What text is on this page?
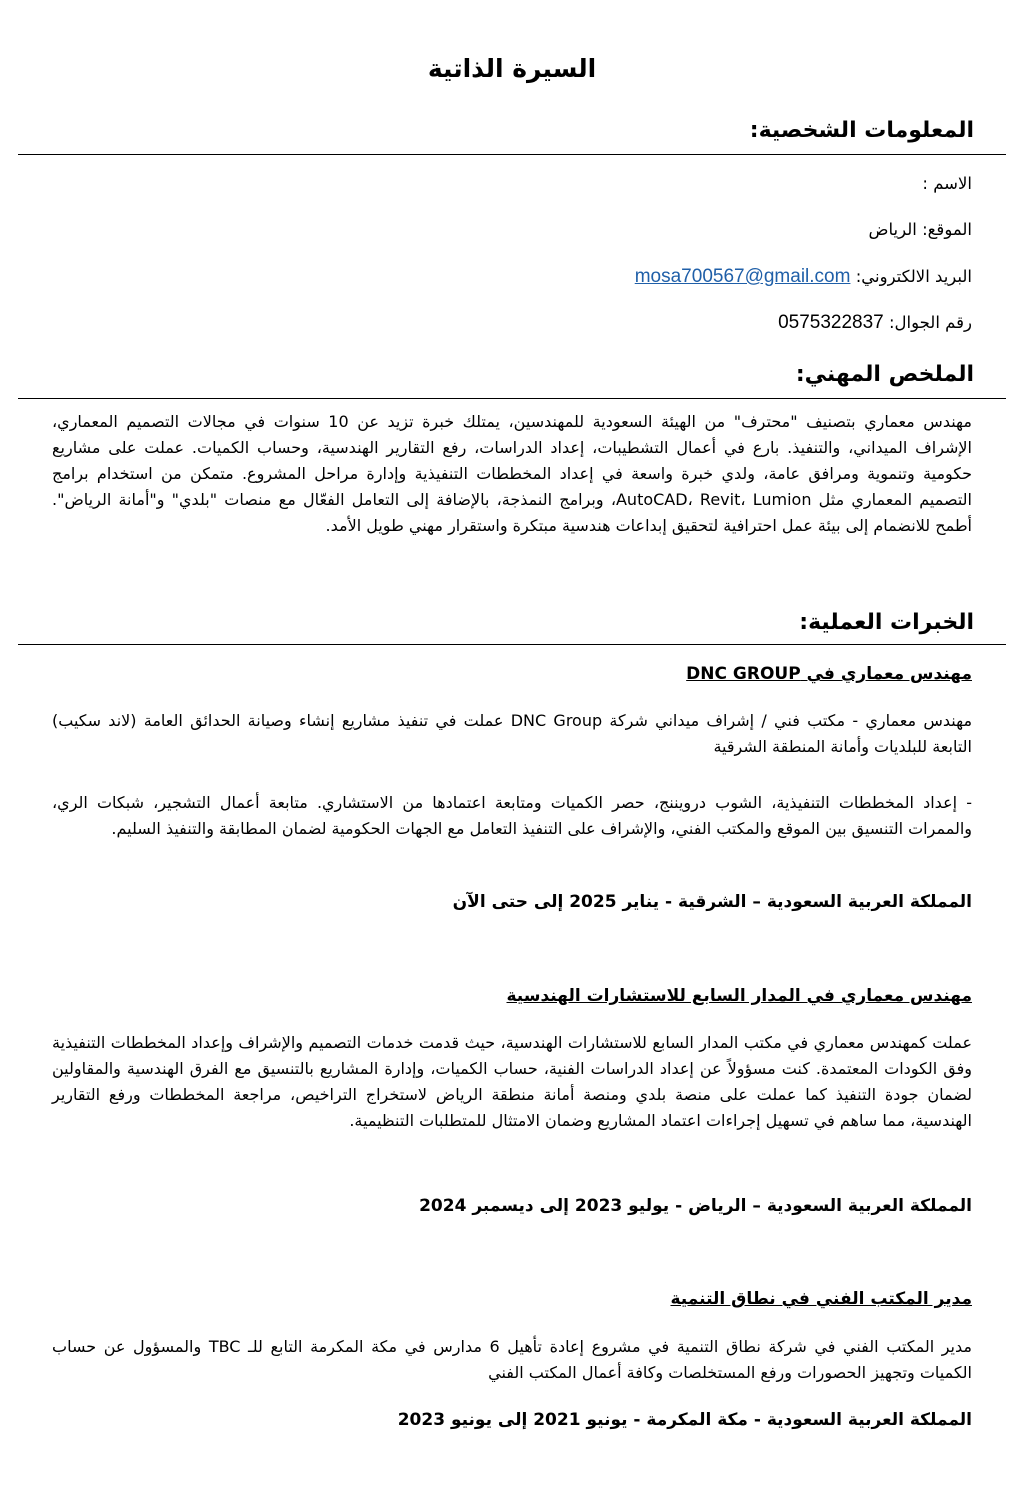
السيرة الذاتية
المعلومات الشخصية:

الاسم :

الموقع: الرياض

البريد الالكتروني: mosa700567@gmail.com

رقم الجوال: 0575322837

الملخص المهني:

مهندس معماري بتصنيف "محترف" من الهيئة السعودية للمهندسين، يمتلك خبرة تزيد عن 10 سنوات في مجالات التصميم المعماري، الإشراف الميداني، والتنفيذ. بارع في أعمال التشطيبات، إعداد الدراسات، رفع التقارير الهندسية، وحساب الكميات. عملت على مشاريع حكومية وتنموية ومرافق عامة، ولدي خبرة واسعة في إعداد المخططات التنفيذية وإدارة مراحل المشروع. متمكن من استخدام برامج التصميم المعماري مثل AutoCAD، Revit، Lumion، وبرامج النمذجة، بالإضافة إلى التعامل الفعّال مع منصات "بلدي" و"أمانة الرياض". أطمح للانضمام إلى بيئة عمل احترافية لتحقيق إبداعات هندسية مبتكرة واستقرار مهني طويل الأمد.

الخبرات العملية:

مهندس معماري في DNC GROUP

مهندس معماري - مكتب فني / إشراف ميداني شركة DNC Group عملت في تنفيذ مشاريع إنشاء وصيانة الحدائق العامة (لاند سكيب) التابعة للبلديات وأمانة المنطقة الشرقية

- إعداد المخططات التنفيذية، الشوب درويننج، حصر الكميات ومتابعة اعتمادها من الاستشاري. متابعة أعمال التشجير، شبكات الري، والممرات التنسيق بين الموقع والمكتب الفني، والإشراف على التنفيذ التعامل مع الجهات الحكومية لضمان المطابقة والتنفيذ السليم.

المملكة العربية السعودية – الشرقية - يناير 2025 إلى حتى الآن

مهندس معماري في المدار السابع للاستشارات الهندسية

عملت كمهندس معماري في مكتب المدار السابع للاستشارات الهندسية، حيث قدمت خدمات التصميم والإشراف وإعداد المخططات التنفيذية وفق الكودات المعتمدة. كنت مسؤولاً عن إعداد الدراسات الفنية، حساب الكميات، وإدارة المشاريع بالتنسيق مع الفرق الهندسية والمقاولين لضمان جودة التنفيذ كما عملت على منصة بلدي ومنصة أمانة منطقة الرياض لاستخراج التراخيص، مراجعة المخططات ورفع التقارير الهندسية، مما ساهم في تسهيل إجراءات اعتماد المشاريع وضمان الامتثال للمتطلبات التنظيمية.

المملكة العربية السعودية – الرياض - يوليو 2023 إلى ديسمبر 2024

مدير المكتب الفني في نطاق التنمية

مدير المكتب الفني في شركة نطاق التنمية في مشروع إعادة تأهيل 6 مدارس في مكة المكرمة التابع للـ TBC والمسؤول عن حساب الكميات وتجهيز الحصورات ورفع المستخلصات وكافة أعمال المكتب الفني

المملكة العربية السعودية - مكة المكرمة - يونيو 2021 إلى يونيو 2023
